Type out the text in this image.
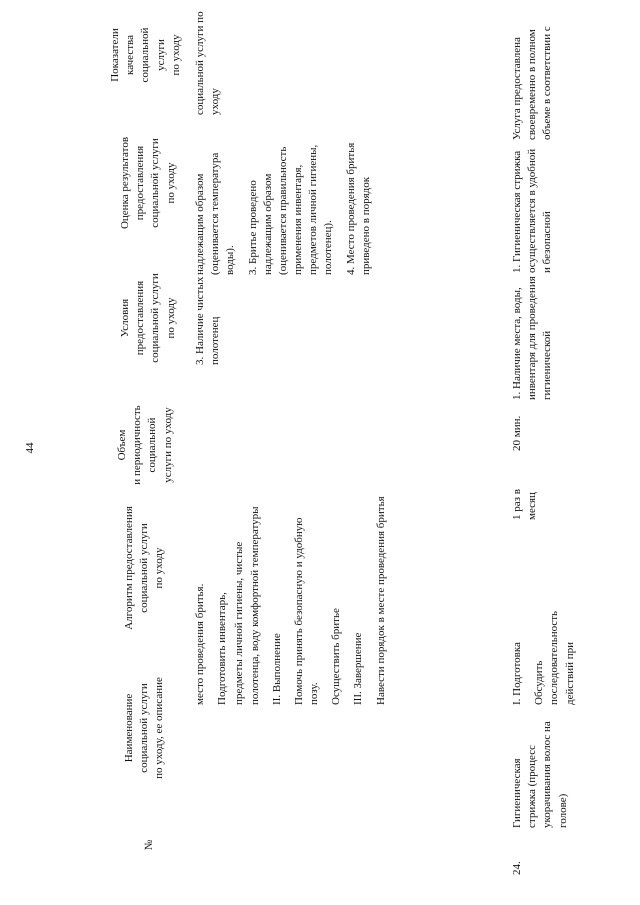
44
№
Наименование социальной услуги по уходу, ее описание
Алгоритм предоставления социальной услуги по уходу
Объем и периодичность социальной услуги по уходу
Условия предоставления социальной услуги по уходу
Оценка результатов предоставления социальной услуги по уходу
Показатели качества социальной услуги по уходу
место проведения бритья. Подготовить инвентарь, предметы личной гигиены, чистые полотенца, воду комфортной температуры II. Выполнение Помочь принять безопасную и удобную позу. Осуществить бритье III. Завершение Навести порядок в месте проведения бритья
3. Наличие чистых полотенец
надлежащим образом (оценивается температура воды). 3. Бритье проведено надлежащим образом (оценивается правильность применения инвентаря, предметов личной гигиены, полотенец). 4. Место проведения бритья приведено в порядок
социальной услуги по уходу
24.
Гигиеническая стрижка (процесс укорачивания волос на голове)
I. Подготовка Обсудить последовательность действий при
1 раз в месяц
20 мин.
1. Наличие места, воды, инвентаря для проведения гигиенической
1. Гигиеническая стрижка осуществляется в удобной и безопасной
Услуга предоставлена своевременно в полном объеме в соответствии с
